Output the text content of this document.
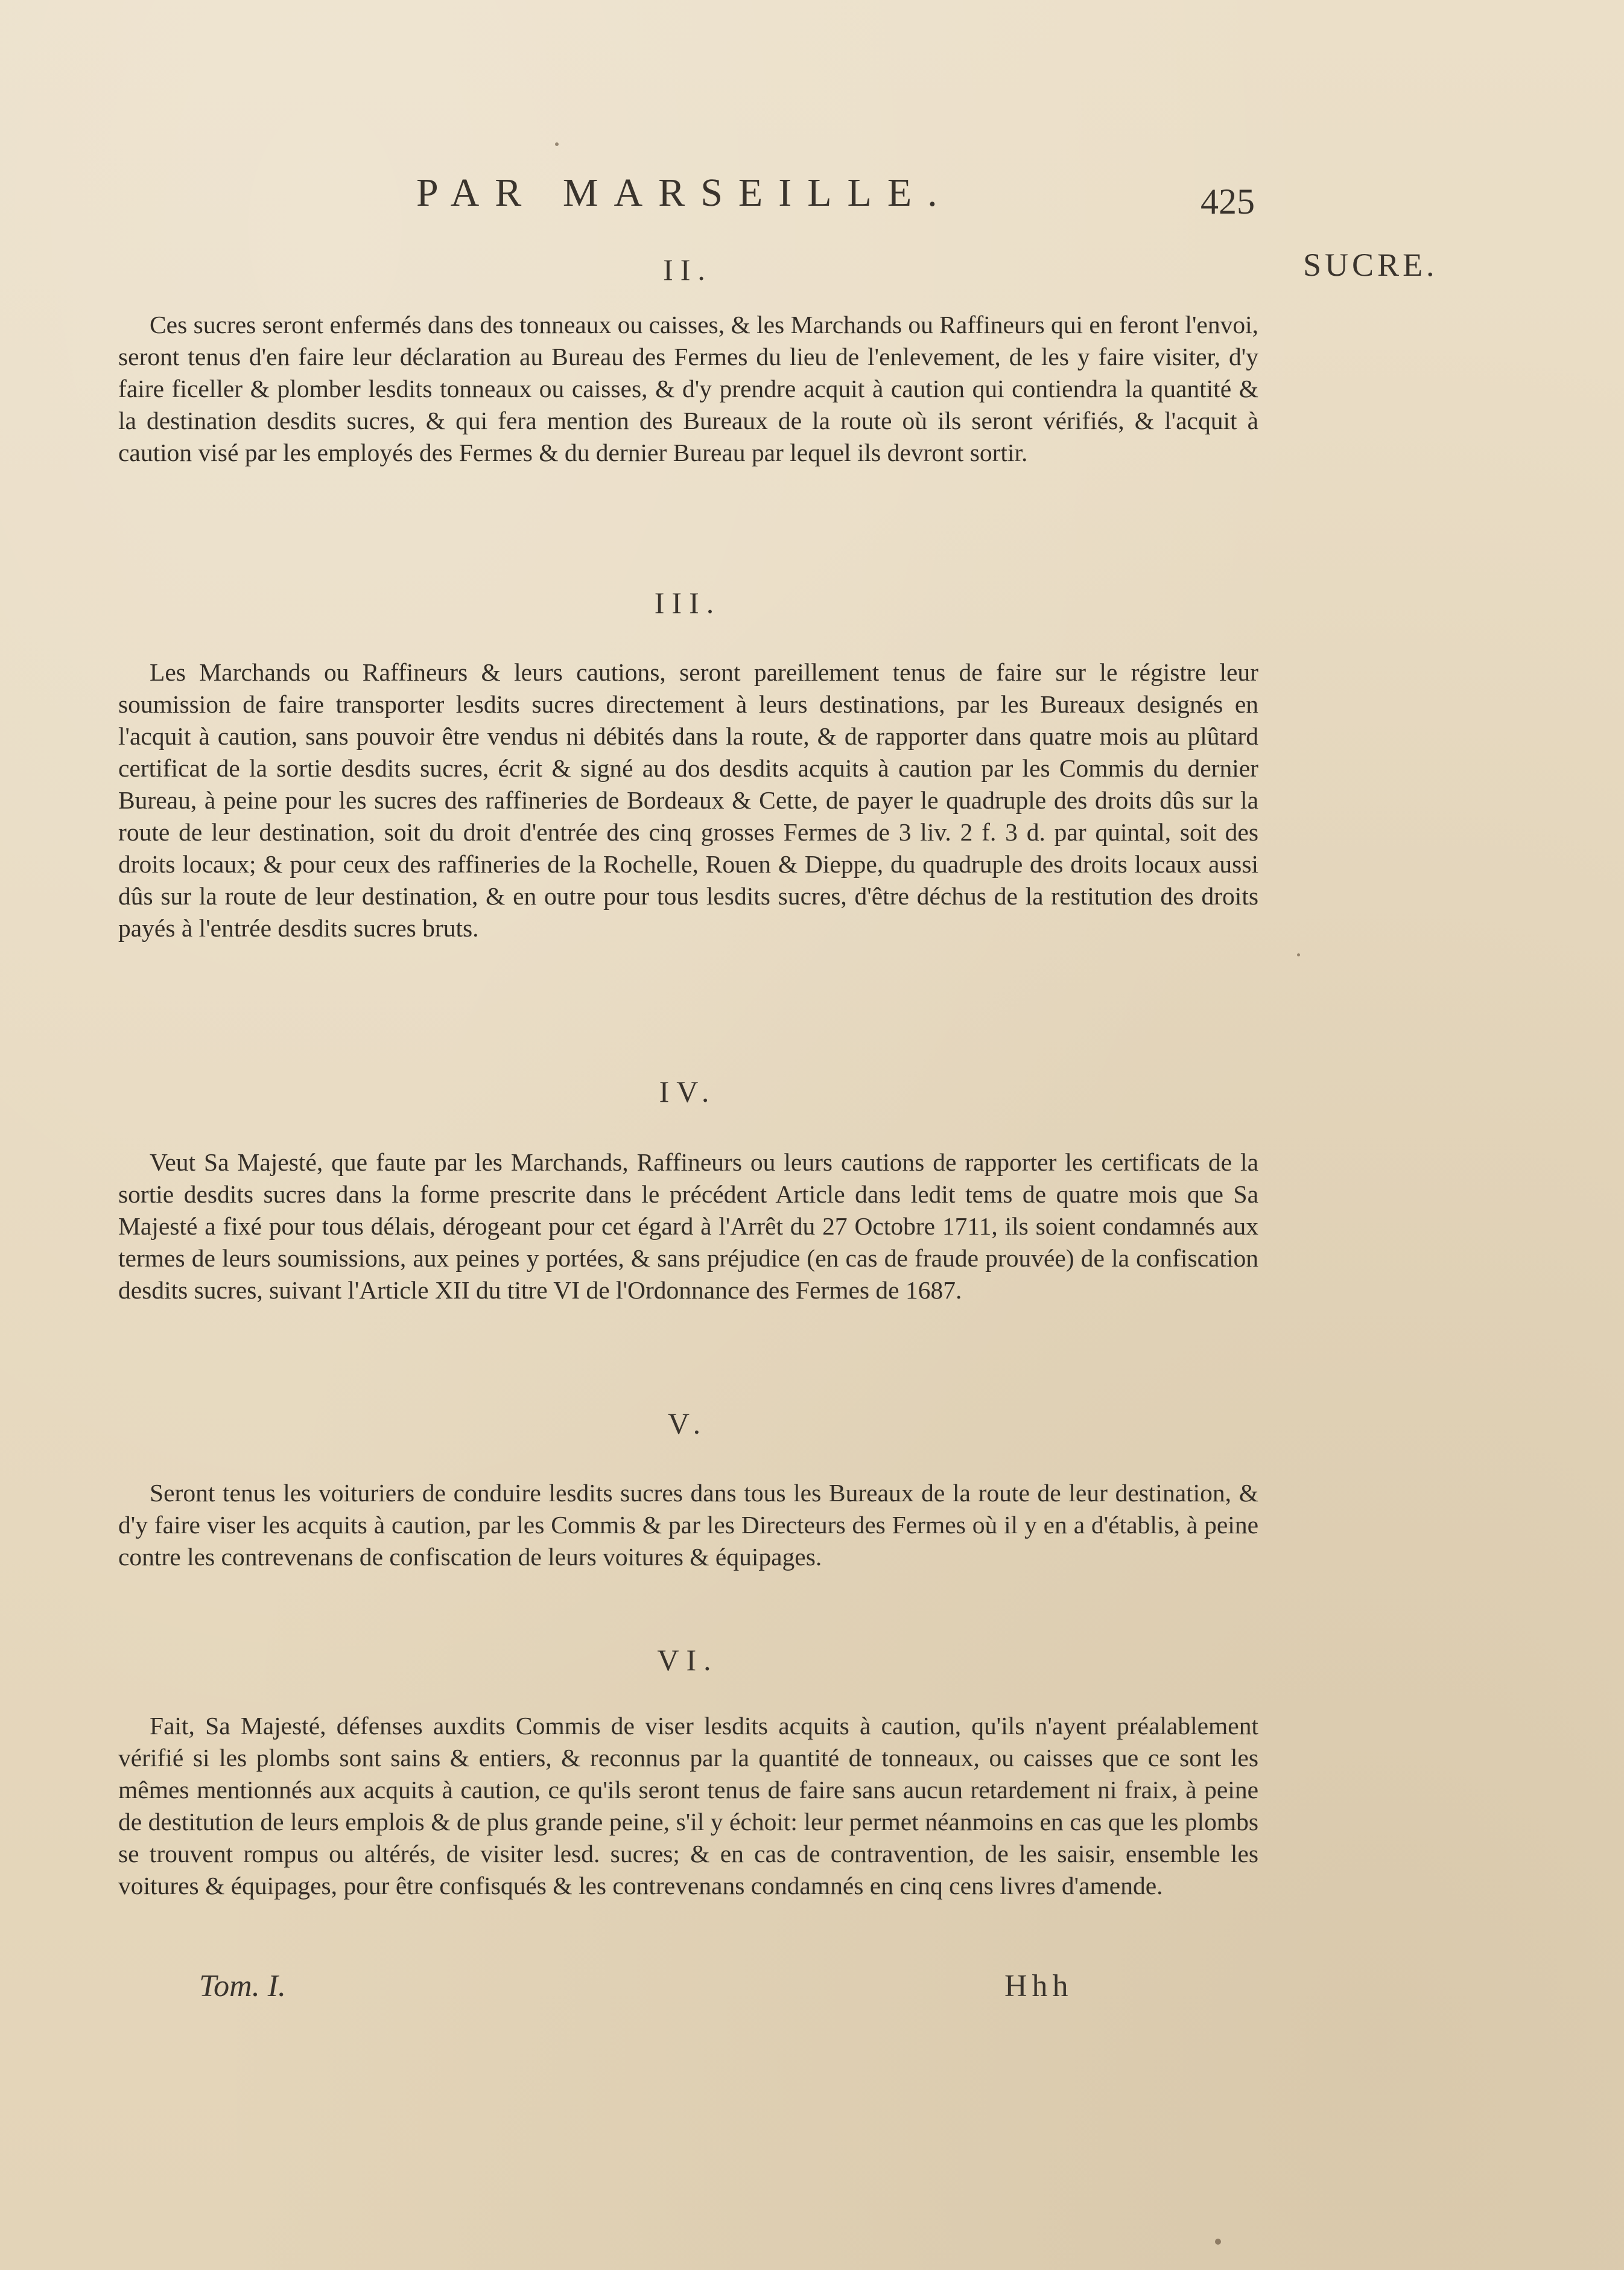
PAR MARSEILLE.	425
SUCRE.
II.

Ces sucres seront enfermés dans des tonneaux ou caisses, & les Marchands ou Raffineurs qui en feront l'envoi, seront tenus d'en faire leur déclaration au Bureau des Fermes du lieu de l'enlevement, de les y faire visiter, d'y faire ficeller & plomber lesdits tonneaux ou caisses, & d'y prendre acquit à caution qui contiendra la quantité & la destination desdits sucres, & qui fera mention des Bureaux de la route où ils seront vérifiés, & l'acquit à caution visé par les employés des Fermes & du dernier Bureau par lequel ils devront sortir.

III.

Les Marchands ou Raffineurs & leurs cautions, seront pareillement tenus de faire sur le régistre leur soumission de faire transporter lesdits sucres directement à leurs destinations, par les Bureaux designés en l'acquit à caution, sans pouvoir être vendus ni débités dans la route, & de rapporter dans quatre mois au plûtard certificat de la sortie desdits sucres, écrit & signé au dos desdits acquits à caution par les Commis du dernier Bureau, à peine pour les sucres des raffineries de Bordeaux & Cette, de payer le quadruple des droits dûs sur la route de leur destination, soit du droit d'entrée des cinq grosses Fermes de 3 liv. 2 f. 3 d. par quintal, soit des droits locaux; & pour ceux des raffineries de la Rochelle, Rouen & Dieppe, du quadruple des droits locaux aussi dûs sur la route de leur destination, & en outre pour tous lesdits sucres, d'être déchus de la restitution des droits payés à l'entrée desdits sucres bruts.

IV.

Veut Sa Majesté, que faute par les Marchands, Raffineurs ou leurs cautions de rapporter les certificats de la sortie desdits sucres dans la forme prescrite dans le précédent Article dans ledit tems de quatre mois que Sa Majesté a fixé pour tous délais, dérogeant pour cet égard à l'Arrêt du 27 Octobre 1711, ils soient condamnés aux termes de leurs soumissions, aux peines y portées, & sans préjudice (en cas de fraude prouvée) de la confiscation desdits sucres, suivant l'Article XII du titre VI de l'Ordonnance des Fermes de 1687.

V.

Seront tenus les voituriers de conduire lesdits sucres dans tous les Bureaux de la route de leur destination, & d'y faire viser les acquits à caution, par les Commis & par les Directeurs des Fermes où il y en a d'établis, à peine contre les contrevenans de confiscation de leurs voitures & équipages.

VI.

Fait, Sa Majesté, défenses auxdits Commis de viser lesdits acquits à caution, qu'ils n'ayent préalablement vérifié si les plombs sont sains & entiers, & reconnus par la quantité de tonneaux, ou caisses que ce sont les mêmes mentionnés aux acquits à caution, ce qu'ils seront tenus de faire sans aucun retardement ni fraix, à peine de destitution de leurs emplois & de plus grande peine, s'il y échoit: leur permet néanmoins en cas que les plombs se trouvent rompus ou altérés, de visiter lesd. sucres; & en cas de contravention, de les saisir, ensemble les voitures & équipages, pour être confisqués & les contrevenans condamnés en cinq cens livres d'amende.

Tom. I.	Hhh
